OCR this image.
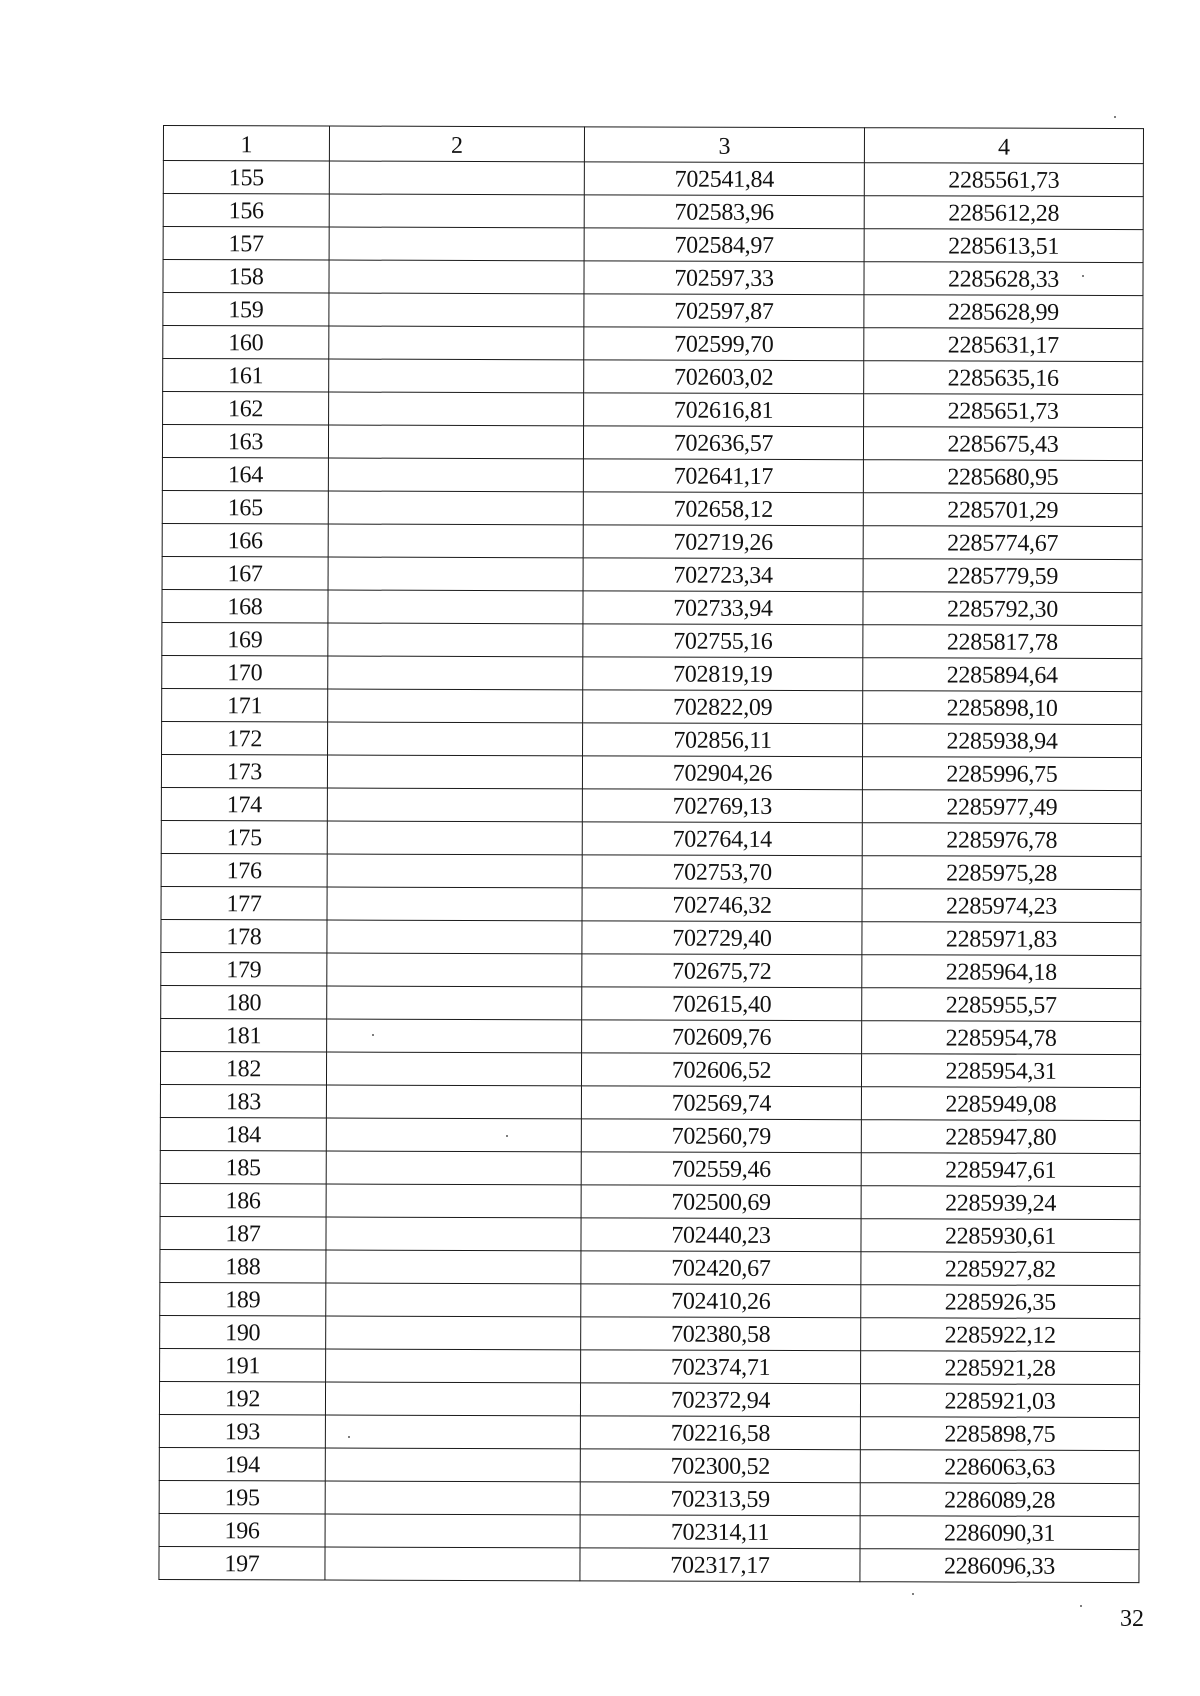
1	2	3	4
155		702541,84	2285561,73
156		702583,96	2285612,28
157		702584,97	2285613,51
158		702597,33	2285628,33
159		702597,87	2285628,99
160		702599,70	2285631,17
161		702603,02	2285635,16
162		702616,81	2285651,73
163		702636,57	2285675,43
164		702641,17	2285680,95
165		702658,12	2285701,29
166		702719,26	2285774,67
167		702723,34	2285779,59
168		702733,94	2285792,30
169		702755,16	2285817,78
170		702819,19	2285894,64
171		702822,09	2285898,10
172		702856,11	2285938,94
173		702904,26	2285996,75
174		702769,13	2285977,49
175		702764,14	2285976,78
176		702753,70	2285975,28
177		702746,32	2285974,23
178		702729,40	2285971,83
179		702675,72	2285964,18
180		702615,40	2285955,57
181		702609,76	2285954,78
182		702606,52	2285954,31
183		702569,74	2285949,08
184		702560,79	2285947,80
185		702559,46	2285947,61
186		702500,69	2285939,24
187		702440,23	2285930,61
188		702420,67	2285927,82
189		702410,26	2285926,35
190		702380,58	2285922,12
191		702374,71	2285921,28
192		702372,94	2285921,03
193		702216,58	2285898,75
194		702300,52	2286063,63
195		702313,59	2286089,28
196		702314,11	2286090,31
197		702317,17	2286096,33
32
